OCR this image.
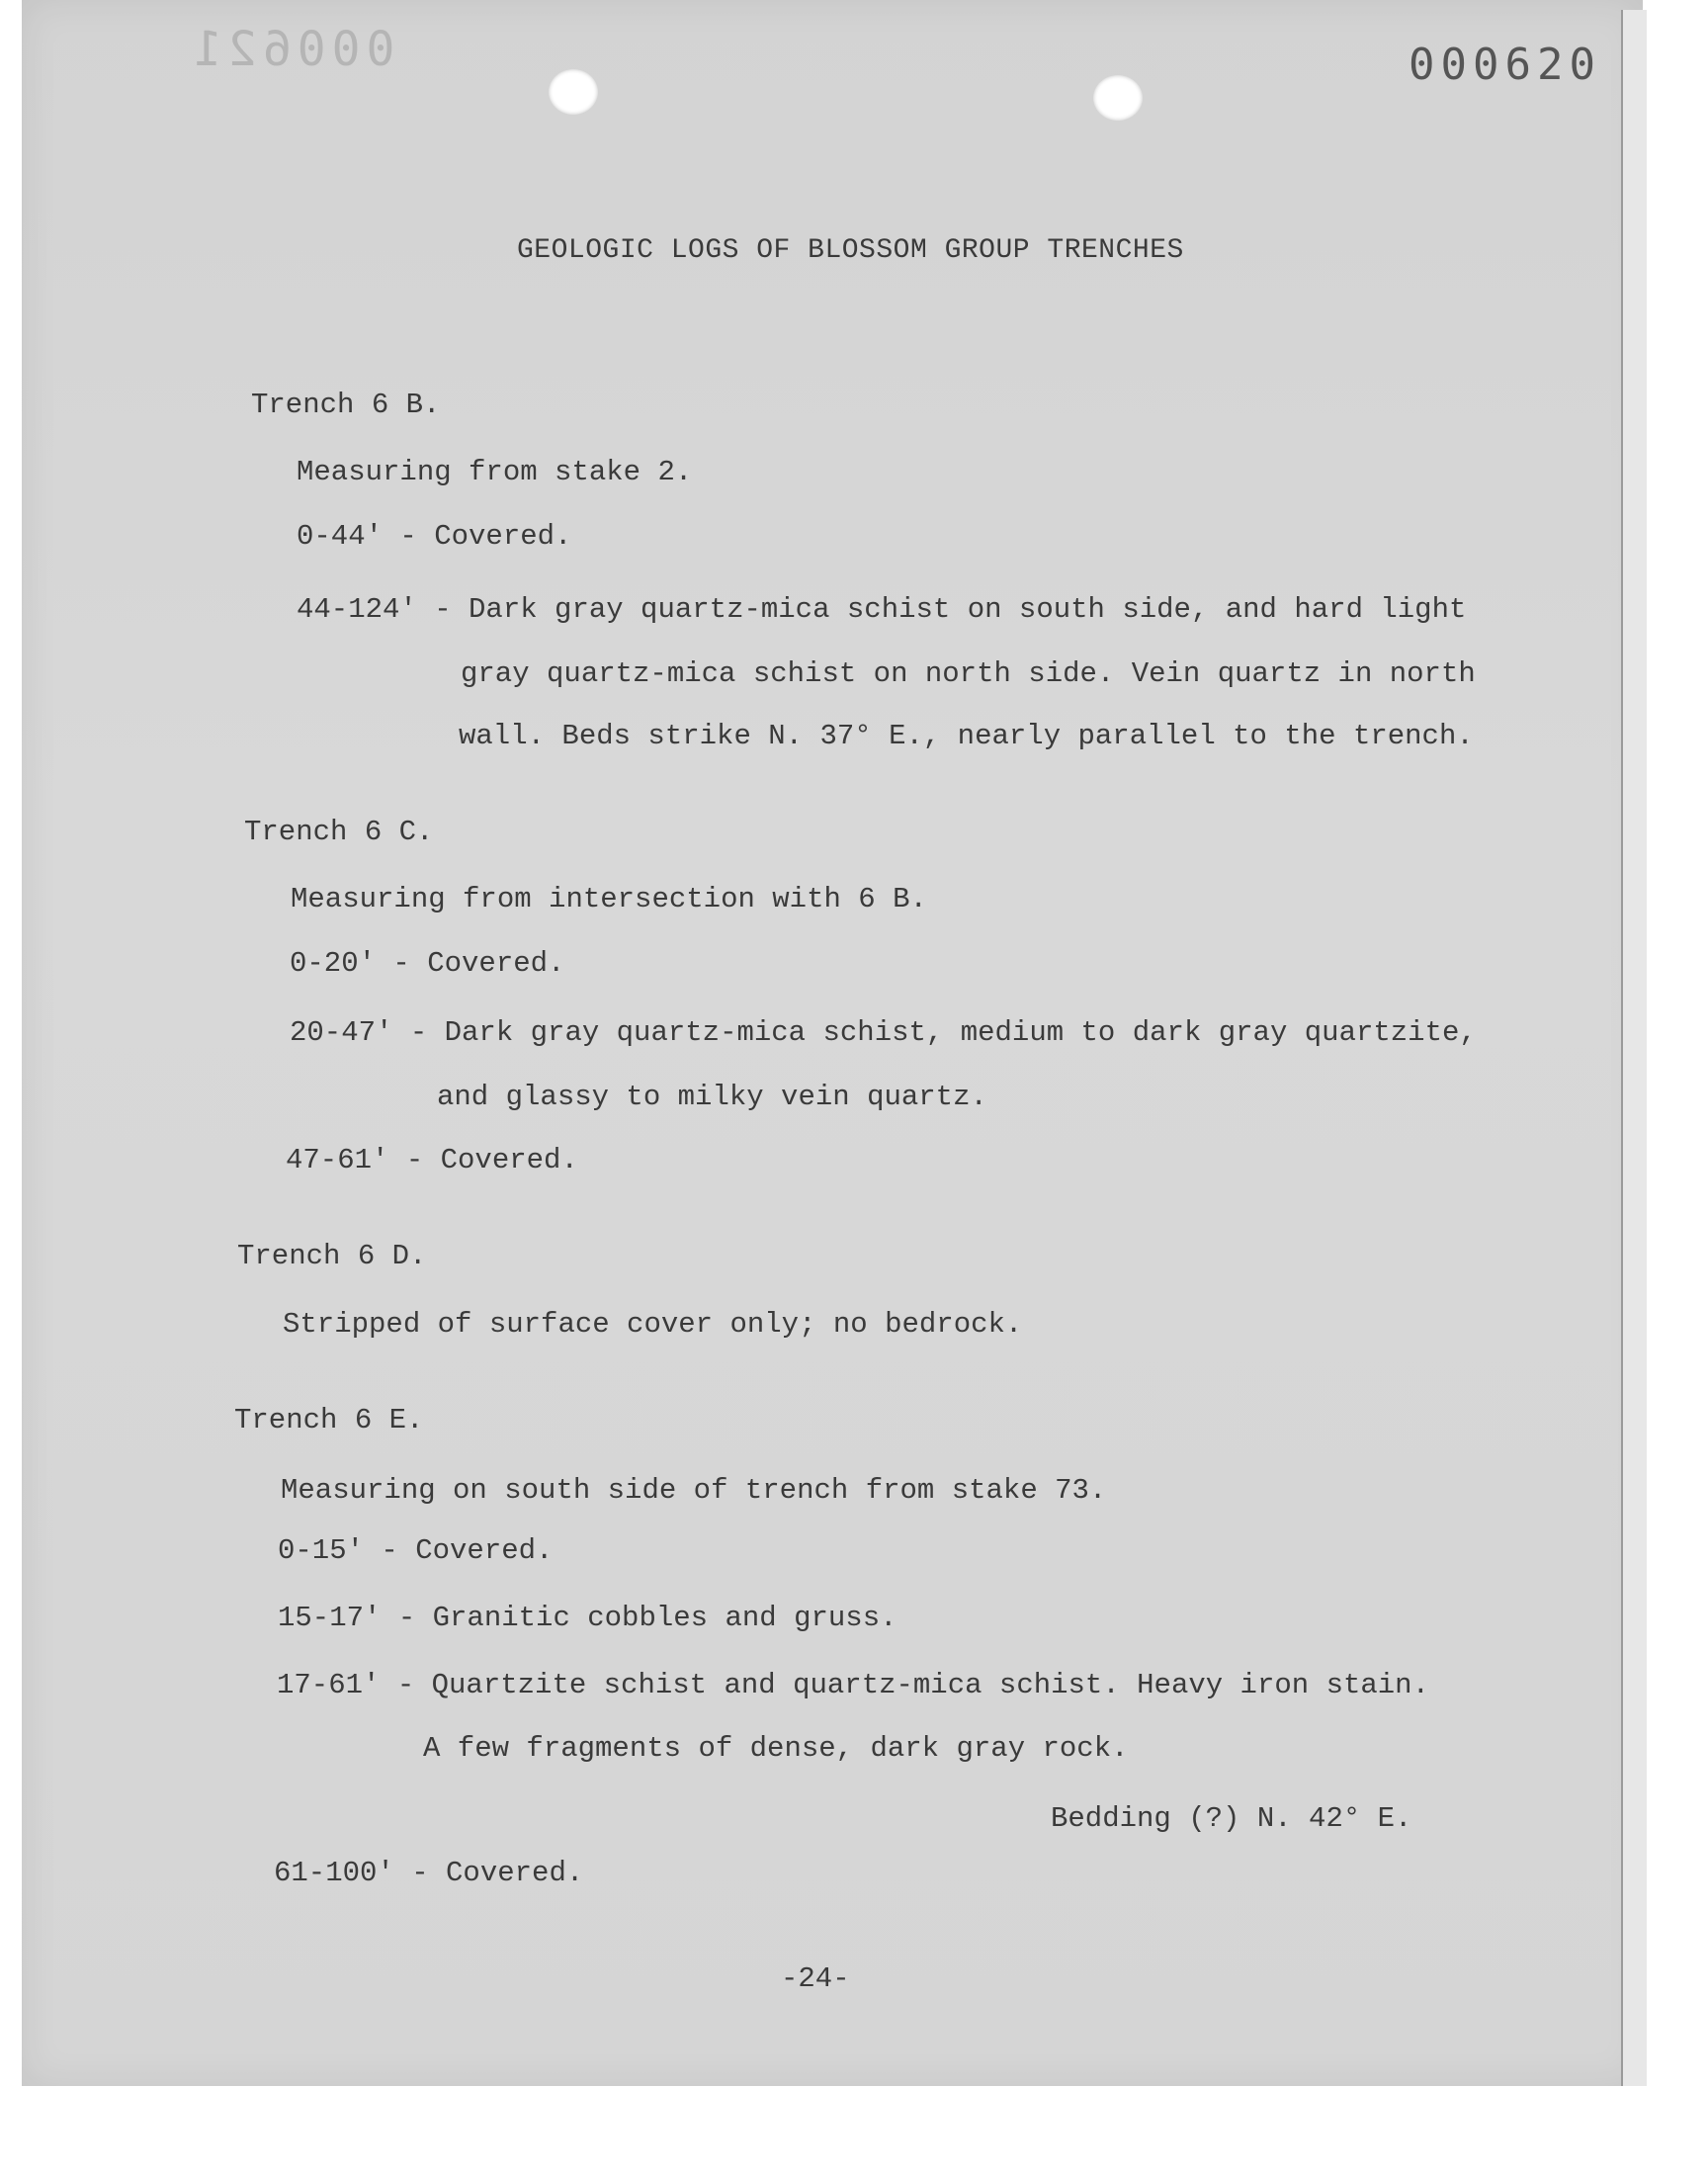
000621	000620
GEOLOGIC LOGS OF BLOSSOM GROUP TRENCHES
Trench 6 B.
Measuring from stake 2.
0-44' - Covered.
44-124' - Dark gray quartz-mica schist on south side, and hard light
gray quartz-mica schist on north side. Vein quartz in north
wall. Beds strike N. 37° E., nearly parallel to the trench.
Trench 6 C.
Measuring from intersection with 6 B.
0-20' - Covered.
20-47' - Dark gray quartz-mica schist, medium to dark gray quartzite,
and glassy to milky vein quartz.
47-61' - Covered.
Trench 6 D.
Stripped of surface cover only; no bedrock.
Trench 6 E.
Measuring on south side of trench from stake 73.
0-15' - Covered.
15-17' - Granitic cobbles and gruss.
17-61' - Quartzite schist and quartz-mica schist. Heavy iron stain.
A few fragments of dense, dark gray rock.
Bedding (?) N. 42° E.
61-100' - Covered.
-24-
